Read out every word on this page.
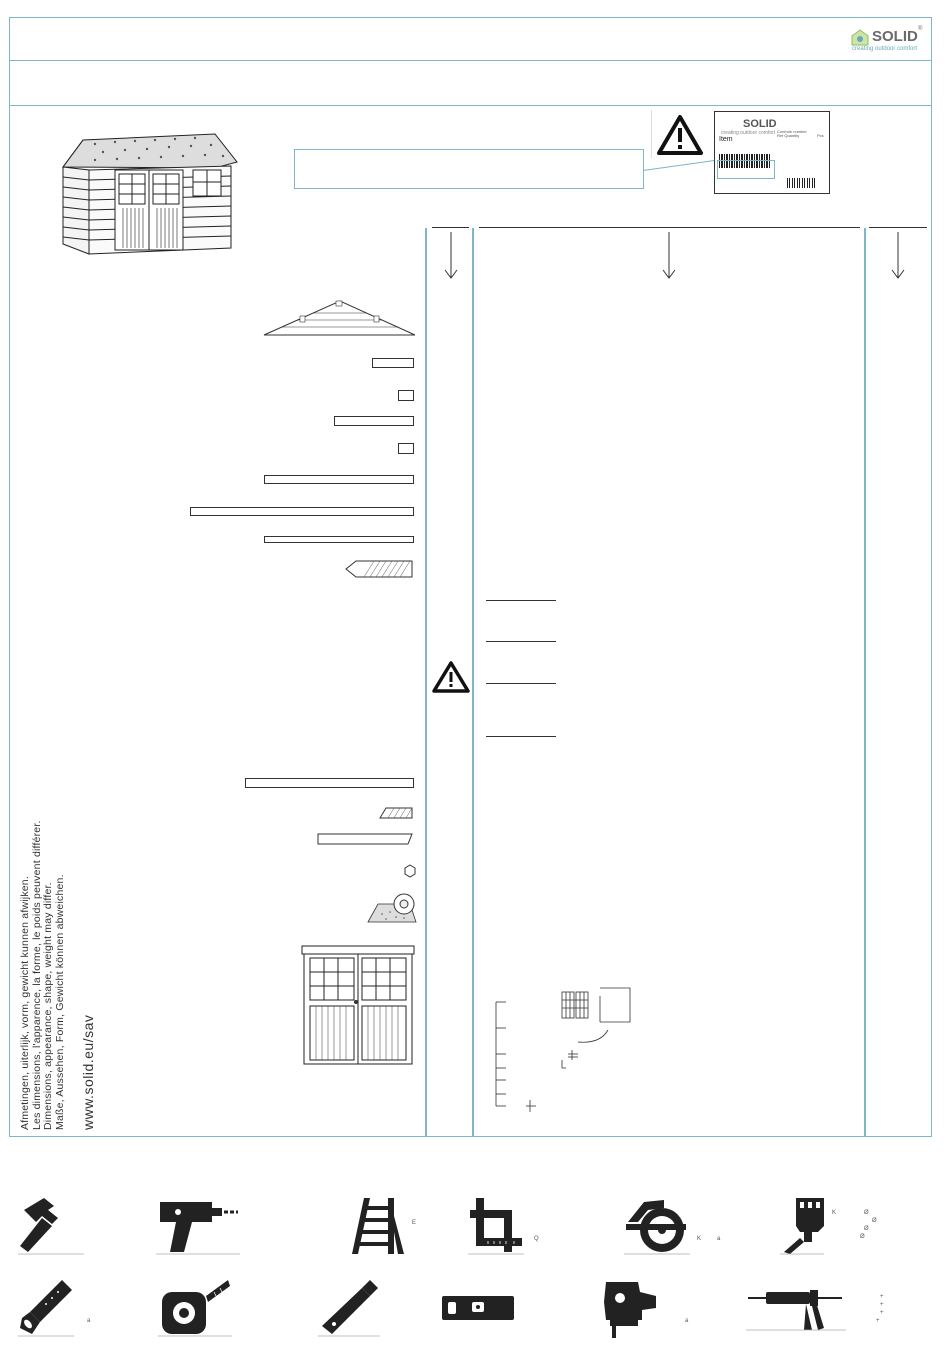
SOLID ®
creating outdoor comfort
SOLID
creating outdoor comfort
Item
Controle number
Ref Quantity	Pcs
Afmetingen, uiterlijk, vorm, gewicht kunnen afwijken. Les dimensions, l'apparence, la forme, le poids peuvent différer. Dimensions, appearance, shape, weight may differ. Maße, Aussehen, Form, Gewicht können abweichen. www.solid.eu/sav
E
Q	K	a
K	Ø
Ø
Ø
Ø
a	a
+
+
+
+
